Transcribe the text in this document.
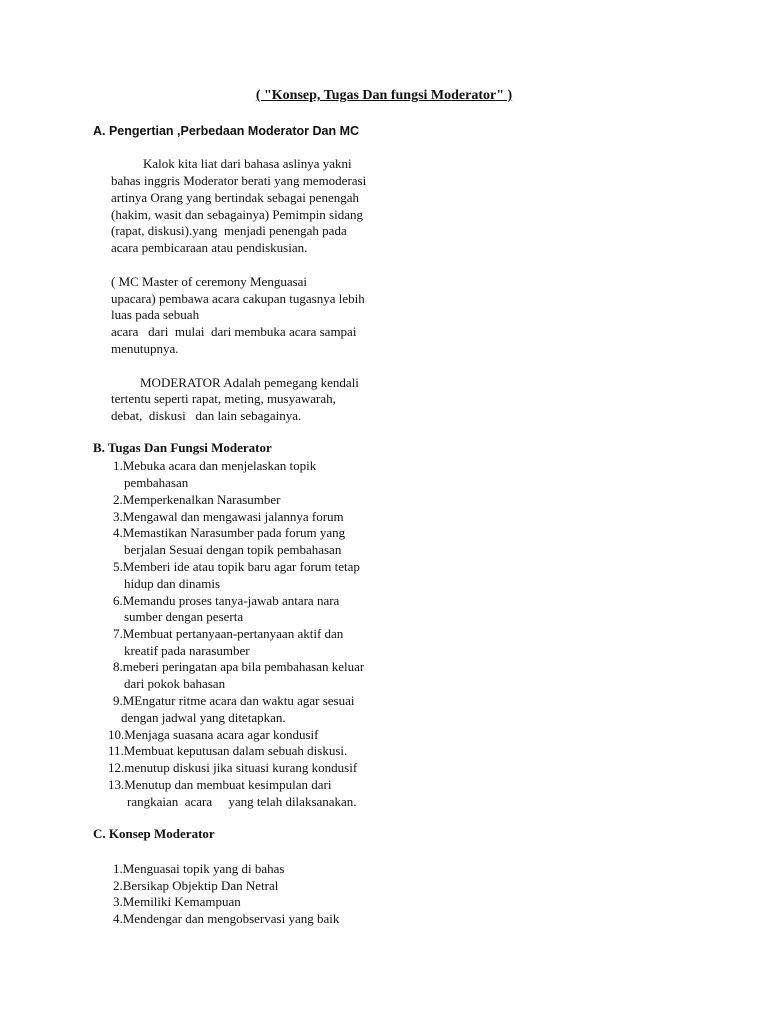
( "Konsep, Tugas Dan fungsi Moderator" )
A. Pengertian ,Perbedaan Moderator Dan MC
Kalok kita liat dari bahasa aslinya yakni
bahas inggris Moderator berati yang memoderasi
artinya Orang yang bertindak sebagai penengah
(hakim, wasit dan sebagainya) Pemimpin sidang
(rapat, diskusi).yang  menjadi penengah pada
acara pembicaraan atau pendiskusian.
( MC Master of ceremony Menguasai
upacara) pembawa acara cakupan tugasnya lebih
luas pada sebuah
acara   dari  mulai  dari membuka acara sampai
menutupnya.
MODERATOR Adalah pemegang kendali
tertentu seperti rapat, meting, musyawarah,
debat,  diskusi   dan lain sebagainya.
B. Tugas Dan Fungsi Moderator
1.Mebuka acara dan menjelaskan topik
pembahasan
2.Memperkenalkan Narasumber
3.Mengawal dan mengawasi jalannya forum
4.Memastikan Narasumber pada forum yang
berjalan Sesuai dengan topik pembahasan
5.Memberi ide atau topik baru agar forum tetap
hidup dan dinamis
6.Memandu proses tanya-jawab antara nara
sumber dengan peserta
7.Membuat pertanyaan-pertanyaan aktif dan
kreatif pada narasumber
8.meberi peringatan apa bila pembahasan keluar
dari pokok bahasan
9.MEngatur ritme acara dan waktu agar sesuai
dengan jadwal yang ditetapkan.
10.Menjaga suasana acara agar kondusif
11.Membuat keputusan dalam sebuah diskusi.
12.menutup diskusi jika situasi kurang kondusif
13.Menutup dan membuat kesimpulan dari
rangkaian  acara     yang telah dilaksanakan.
C. Konsep Moderator
1.Menguasai topik yang di bahas
2.Bersikap Objektip Dan Netral
3.Memiliki Kemampuan
4.Mendengar dan mengobservasi yang baik
